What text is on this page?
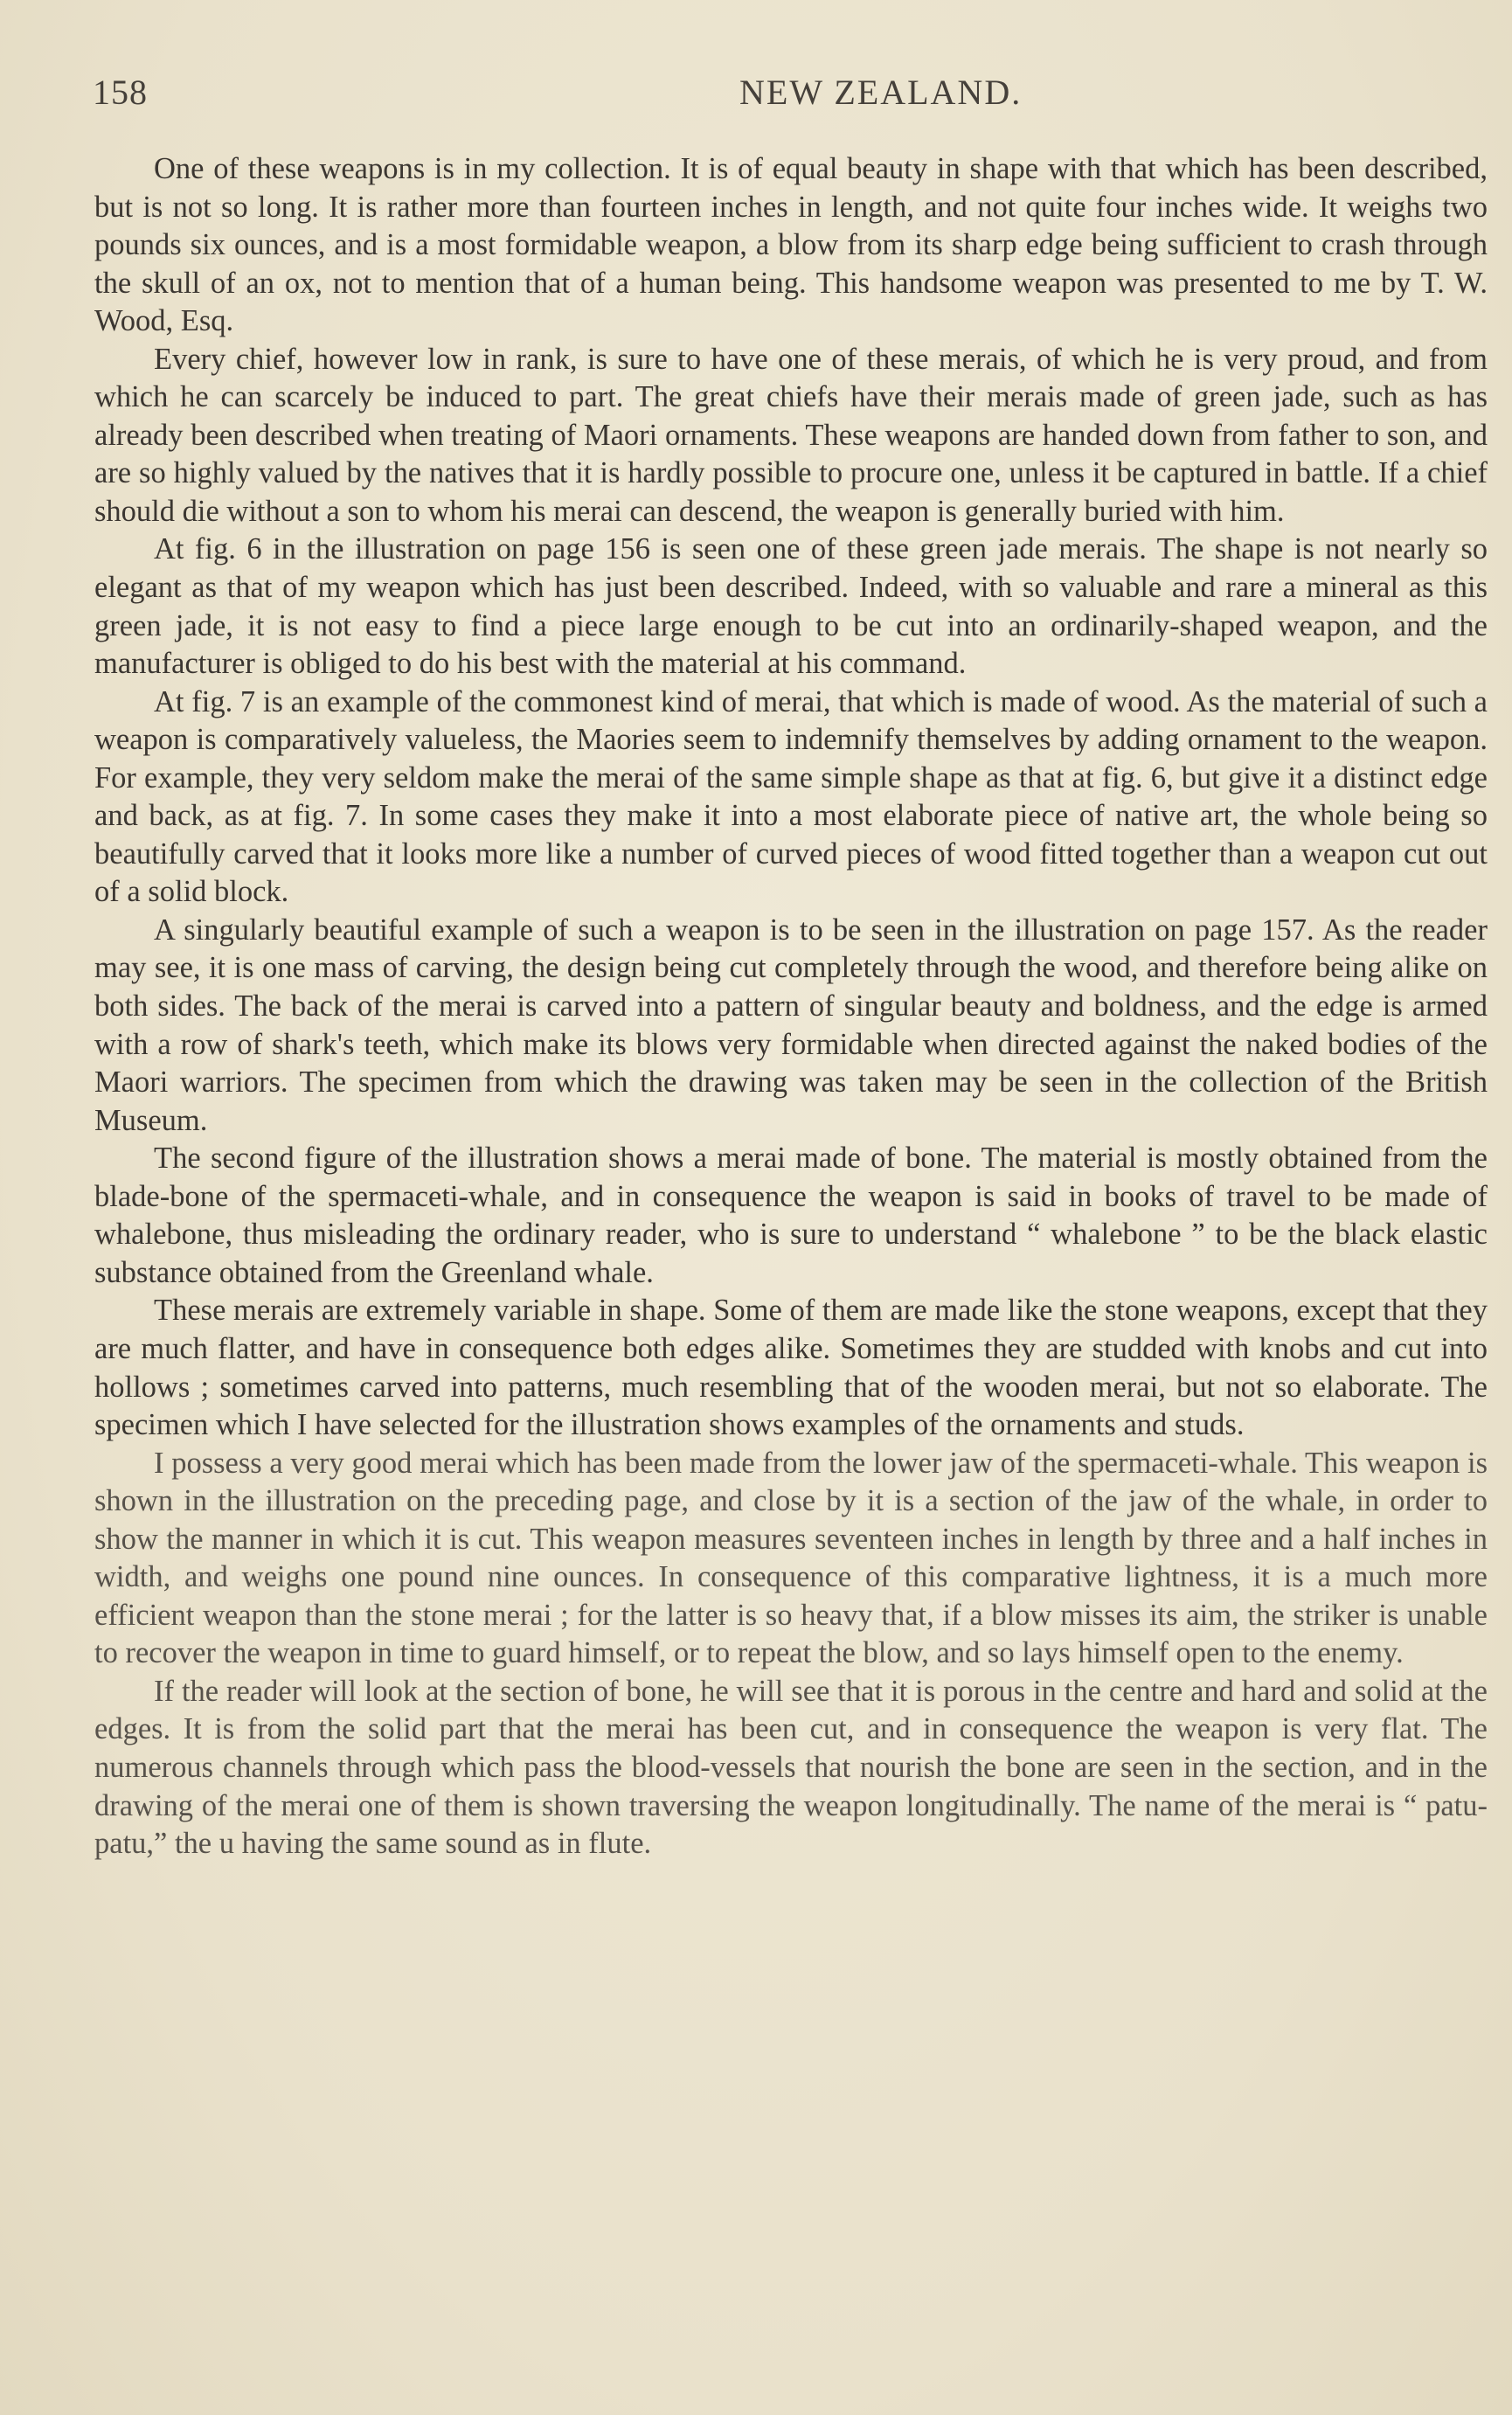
158	NEW ZEALAND.

One of these weapons is in my collection. It is of equal beauty in shape with that which has been described, but is not so long. It is rather more than fourteen inches in length, and not quite four inches wide. It weighs two pounds six ounces, and is a most formidable weapon, a blow from its sharp edge being sufficient to crash through the skull of an ox, not to mention that of a human being. This handsome weapon was presented to me by T. W. Wood, Esq.

Every chief, however low in rank, is sure to have one of these merais, of which he is very proud, and from which he can scarcely be induced to part. The great chiefs have their merais made of green jade, such as has already been described when treating of Maori ornaments. These weapons are handed down from father to son, and are so highly valued by the natives that it is hardly possible to procure one, unless it be captured in battle. If a chief should die without a son to whom his merai can descend, the weapon is generally buried with him.

At fig. 6 in the illustration on page 156 is seen one of these green jade merais. The shape is not nearly so elegant as that of my weapon which has just been described. Indeed, with so valuable and rare a mineral as this green jade, it is not easy to find a piece large enough to be cut into an ordinarily-shaped weapon, and the manufacturer is obliged to do his best with the material at his command.

At fig. 7 is an example of the commonest kind of merai, that which is made of wood. As the material of such a weapon is comparatively valueless, the Maories seem to indemnify themselves by adding ornament to the weapon. For example, they very seldom make the merai of the same simple shape as that at fig. 6, but give it a distinct edge and back, as at fig. 7. In some cases they make it into a most elaborate piece of native art, the whole being so beautifully carved that it looks more like a number of curved pieces of wood fitted together than a weapon cut out of a solid block.

A singularly beautiful example of such a weapon is to be seen in the illustration on page 157. As the reader may see, it is one mass of carving, the design being cut completely through the wood, and therefore being alike on both sides. The back of the merai is carved into a pattern of singular beauty and boldness, and the edge is armed with a row of shark's teeth, which make its blows very formidable when directed against the naked bodies of the Maori warriors. The specimen from which the drawing was taken may be seen in the collection of the British Museum.

The second figure of the illustration shows a merai made of bone. The material is mostly obtained from the blade-bone of the spermaceti-whale, and in consequence the weapon is said in books of travel to be made of whalebone, thus misleading the ordinary reader, who is sure to understand “ whalebone ” to be the black elastic substance obtained from the Greenland whale.

These merais are extremely variable in shape. Some of them are made like the stone weapons, except that they are much flatter, and have in consequence both edges alike. Sometimes they are studded with knobs and cut into hollows ; sometimes carved into patterns, much resembling that of the wooden merai, but not so elaborate. The specimen which I have selected for the illustration shows examples of the ornaments and studs.

I possess a very good merai which has been made from the lower jaw of the spermaceti-whale. This weapon is shown in the illustration on the preceding page, and close by it is a section of the jaw of the whale, in order to show the manner in which it is cut. This weapon measures seventeen inches in length by three and a half inches in width, and weighs one pound nine ounces. In consequence of this comparative lightness, it is a much more efficient weapon than the stone merai ; for the latter is so heavy that, if a blow misses its aim, the striker is unable to recover the weapon in time to guard himself, or to repeat the blow, and so lays himself open to the enemy.

If the reader will look at the section of bone, he will see that it is porous in the centre and hard and solid at the edges. It is from the solid part that the merai has been cut, and in consequence the weapon is very flat. The numerous channels through which pass the blood-vessels that nourish the bone are seen in the section, and in the drawing of the merai one of them is shown traversing the weapon longitudinally. The name of the merai is “ patu-patu,” the u having the same sound as in flute.
